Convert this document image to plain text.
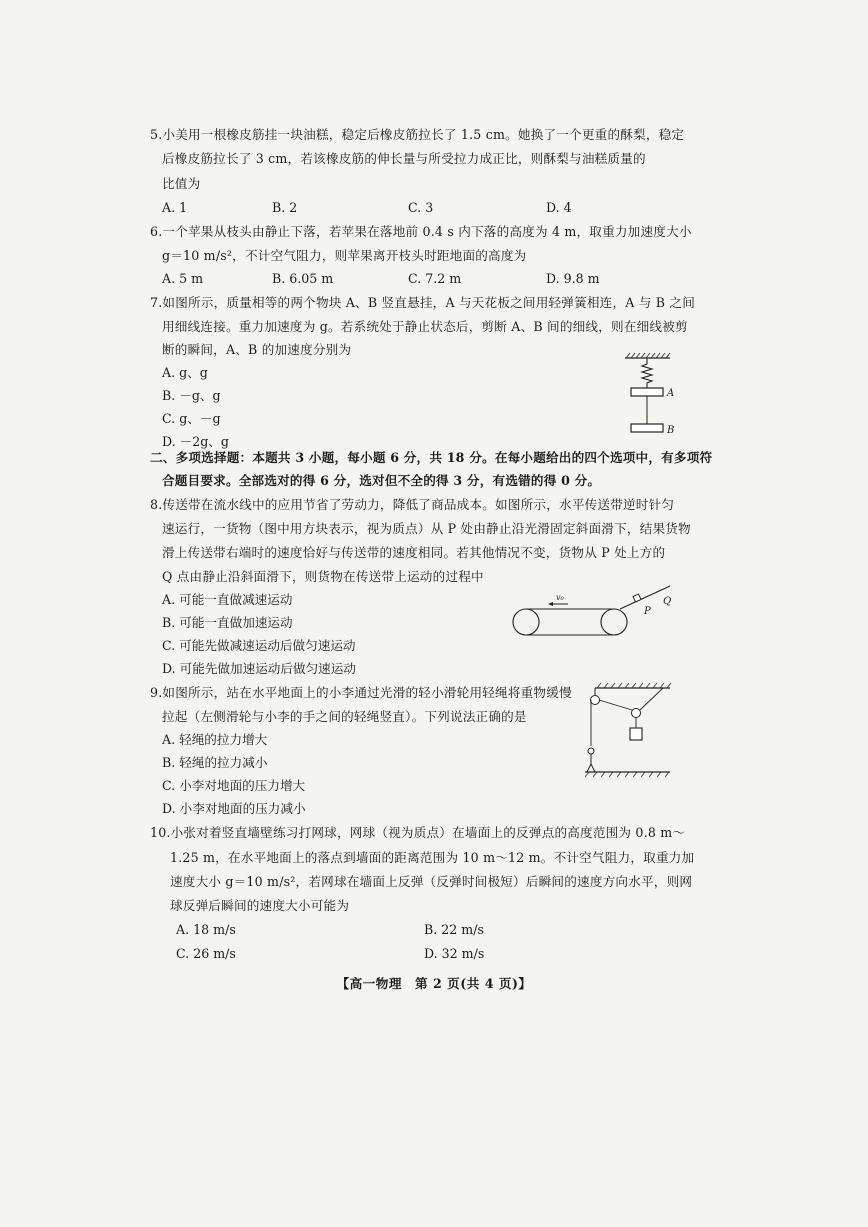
5.小美用一根橡皮筋挂一块油糕，稳定后橡皮筋拉长了 1.5 cm。她换了一个更重的酥梨，稳定
后橡皮筋拉长了 3 cm，若该橡皮筋的伸长量与所受拉力成正比，则酥梨与油糕质量的
比值为
A. 1	B. 2	C. 3	D. 4
6.一个苹果从枝头由静止下落，若苹果在落地前 0.4 s 内下落的高度为 4 m，取重力加速度大小
g＝10 m/s²，不计空气阻力，则苹果离开枝头时距地面的高度为
A. 5 m	B. 6.05 m	C. 7.2 m	D. 9.8 m
7.如图所示，质量相等的两个物块 A、B 竖直悬挂，A 与天花板之间用轻弹簧相连，A 与 B 之间
用细线连接。重力加速度为 g。若系统处于静止状态后，剪断 A、B 间的细线，则在细线被剪
断的瞬间，A、B 的加速度分别为
A. g、g
B. －g、g
C. g、－g
D. －2g、g
A
B
二、多项选择题：本题共 3 小题，每小题 6 分，共 18 分。在每小题给出的四个选项中，有多项符
合题目要求。全部选对的得 6 分，选对但不全的得 3 分，有选错的得 0 分。
8.传送带在流水线中的应用节省了劳动力，降低了商品成本。如图所示，水平传送带逆时针匀
速运行，一货物（图中用方块表示，视为质点）从 P 处由静止沿光滑固定斜面滑下，结果货物
滑上传送带右端时的速度恰好与传送带的速度相同。若其他情况不变，货物从 P 处上方的
Q 点由静止沿斜面滑下，则货物在传送带上运动的过程中
A. 可能一直做减速运动
B. 可能一直做加速运动
C. 可能先做减速运动后做匀速运动
D. 可能先做加速运动后做匀速运动
v₀
P
Q
9.如图所示，站在水平地面上的小李通过光滑的轻小滑轮用轻绳将重物缓慢
拉起（左侧滑轮与小李的手之间的轻绳竖直）。下列说法正确的是
A. 轻绳的拉力增大
B. 轻绳的拉力减小
C. 小李对地面的压力增大
D. 小李对地面的压力减小
10.小张对着竖直墙壁练习打网球，网球（视为质点）在墙面上的反弹点的高度范围为 0.8 m～
1.25 m，在水平地面上的落点到墙面的距离范围为 10 m～12 m。不计空气阻力，取重力加
速度大小 g＝10 m/s²，若网球在墙面上反弹（反弹时间极短）后瞬间的速度方向水平，则网
球反弹后瞬间的速度大小可能为
A. 18 m/s	B. 22 m/s
C. 26 m/s	D. 32 m/s
【高一物理　第 2 页(共 4 页)】
